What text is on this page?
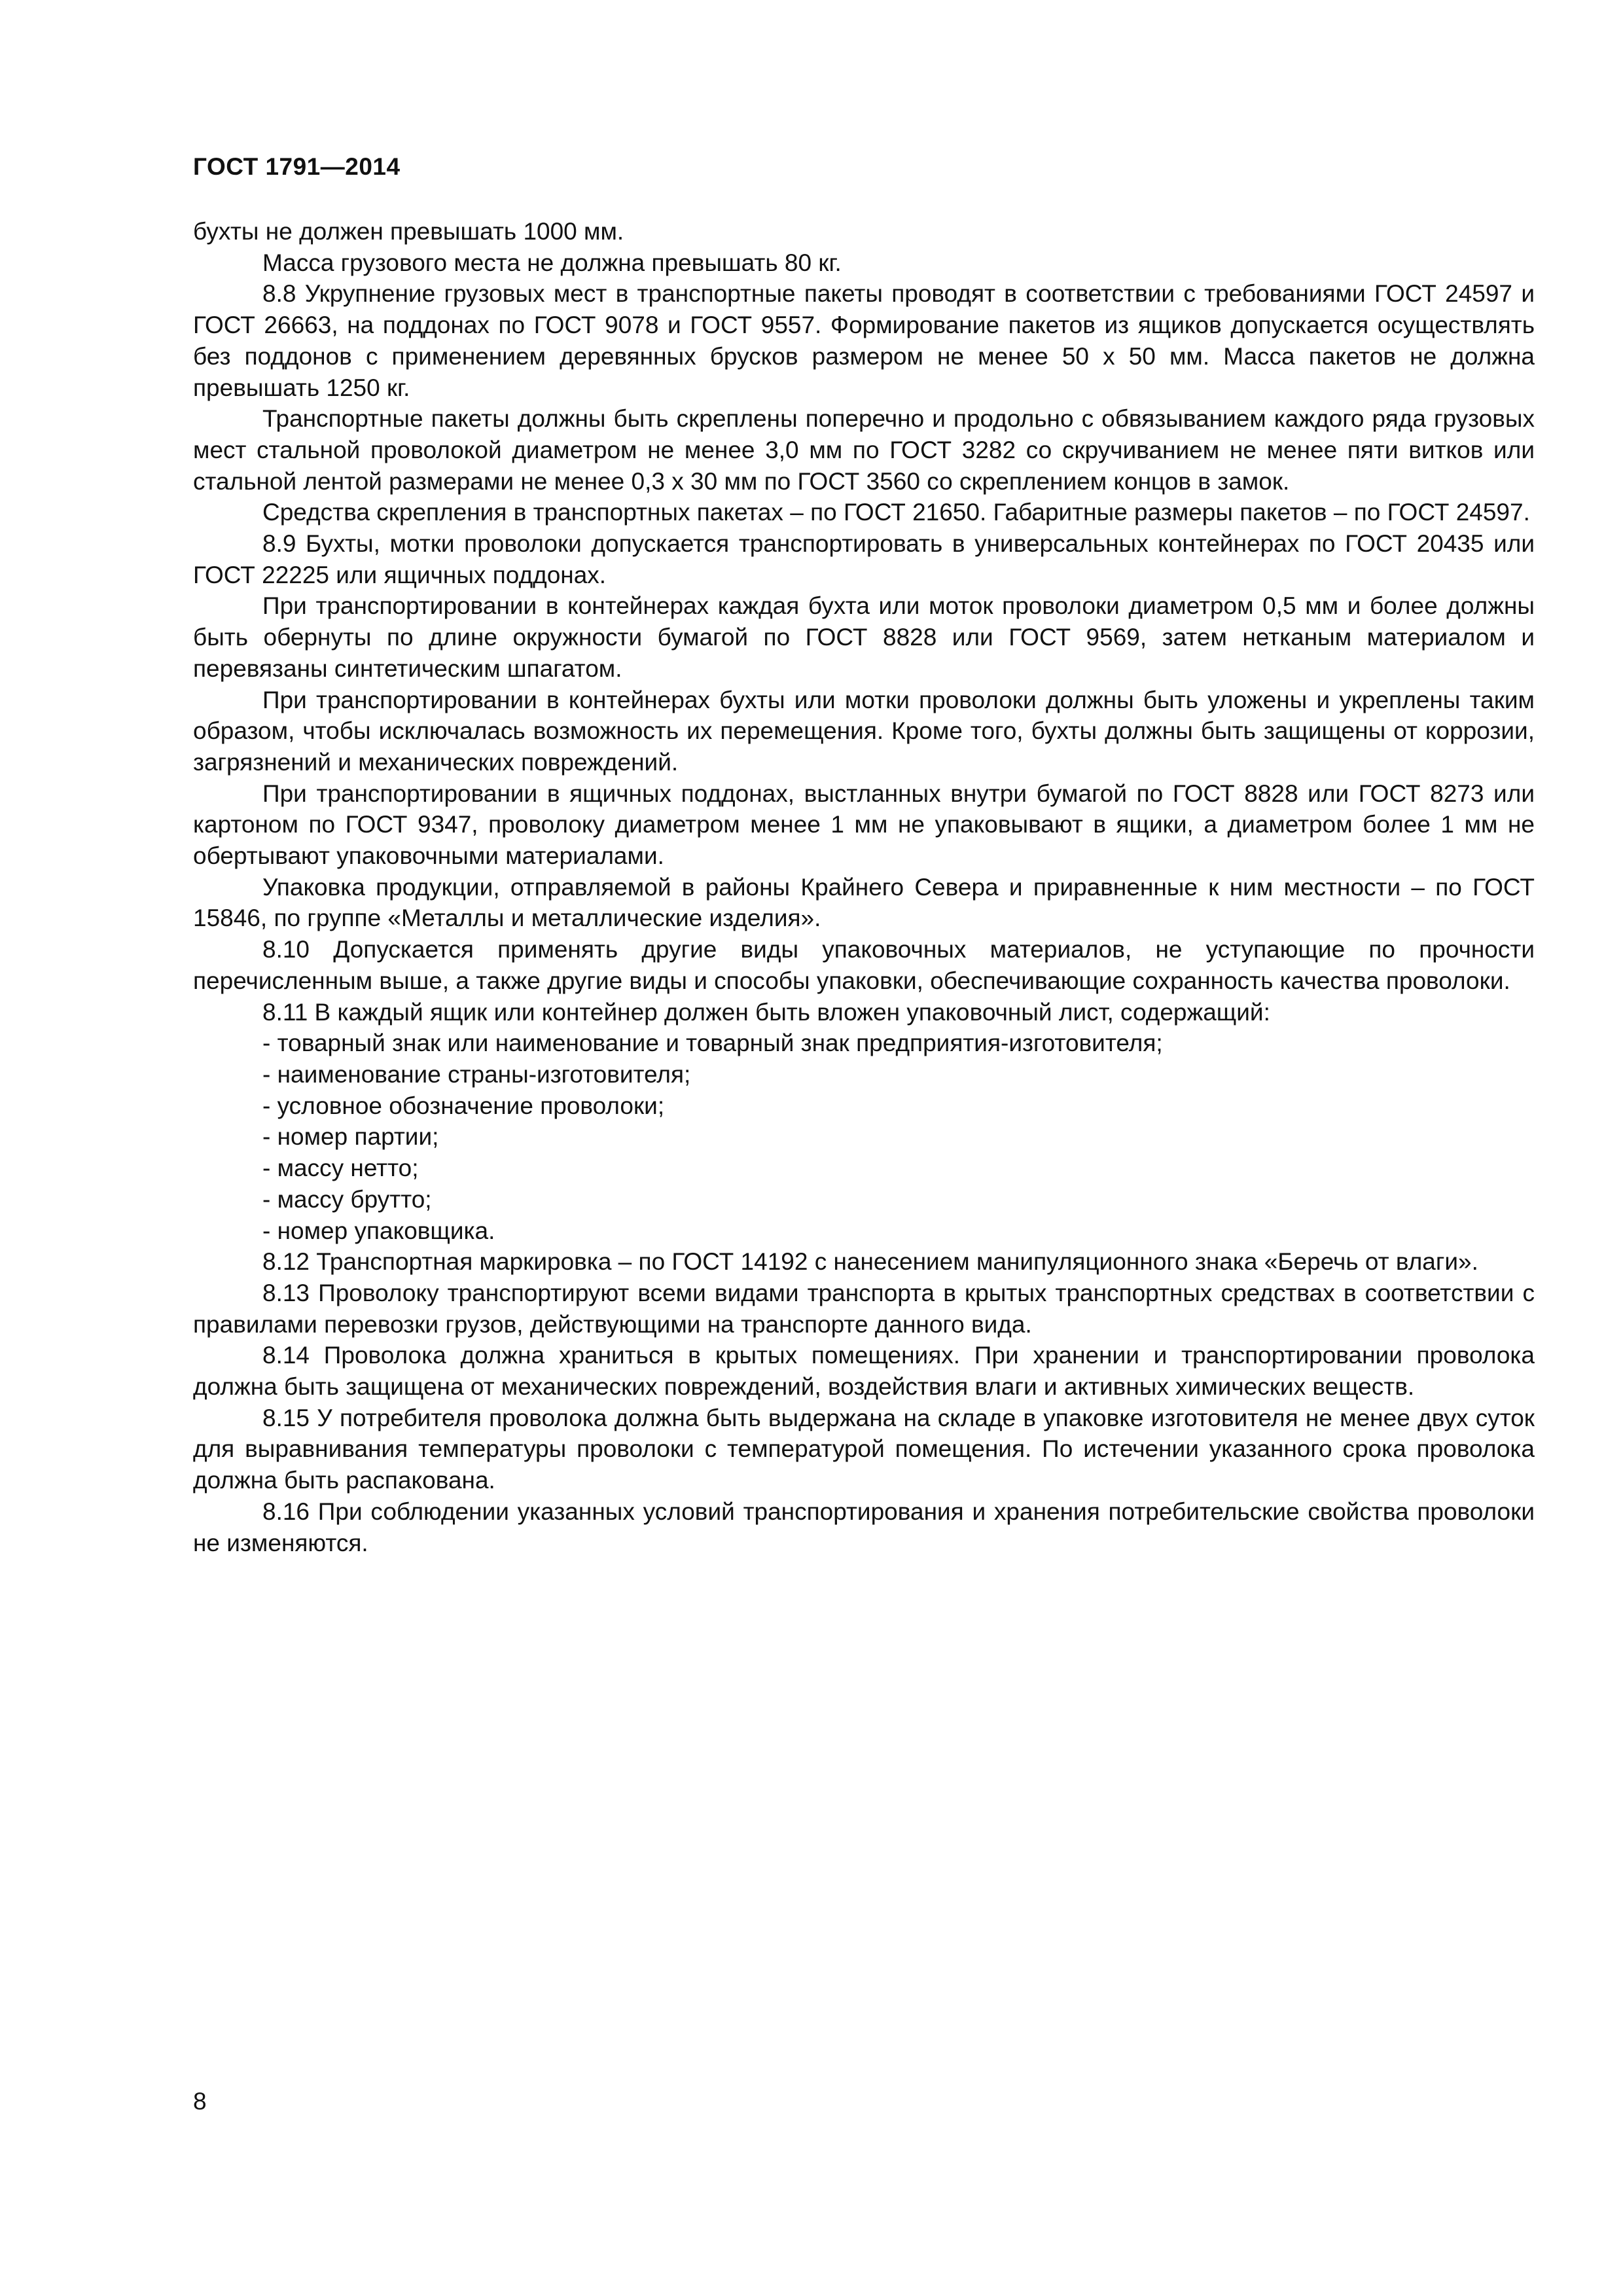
ГОСТ 1791—2014

бухты не должен превышать 1000 мм.

Масса грузового места не должна превышать 80 кг.

8.8 Укрупнение грузовых мест в транспортные пакеты проводят в соответствии с требованиями ГОСТ 24597 и ГОСТ 26663, на поддонах по ГОСТ 9078 и ГОСТ 9557. Формирование пакетов из ящиков допускается осуществлять без поддонов с применением деревянных брусков размером не менее 50 х 50 мм. Масса пакетов не должна превышать 1250 кг.

Транспортные пакеты должны быть скреплены поперечно и продольно с обвязыванием каждого ряда грузовых мест стальной проволокой диаметром не менее 3,0 мм по ГОСТ 3282 со скручиванием не менее пяти витков или стальной лентой размерами не менее 0,3 х 30 мм по ГОСТ 3560 со скреплением концов в замок.

Средства скрепления в транспортных пакетах – по ГОСТ 21650. Габаритные размеры пакетов – по ГОСТ 24597.

8.9 Бухты, мотки проволоки допускается транспортировать в универсальных контейнерах по ГОСТ 20435 или ГОСТ 22225 или ящичных поддонах.

При транспортировании в контейнерах каждая бухта или моток проволоки диаметром 0,5 мм и более должны быть обернуты по длине окружности бумагой по ГОСТ 8828 или ГОСТ 9569, затем нетканым материалом и перевязаны синтетическим шпагатом.

При транспортировании в контейнерах бухты или мотки проволоки должны быть уложены и укреплены таким образом, чтобы исключалась возможность их перемещения. Кроме того, бухты должны быть защищены от коррозии, загрязнений и механических повреждений.

При транспортировании в ящичных поддонах, выстланных внутри бумагой по ГОСТ 8828 или ГОСТ 8273 или картоном по ГОСТ 9347, проволоку диаметром менее 1 мм не упаковывают в ящики, а диаметром более 1 мм не обертывают упаковочными материалами.

Упаковка продукции, отправляемой в районы Крайнего Севера и приравненные к ним местности – по ГОСТ 15846, по группе «Металлы и металлические изделия».

8.10 Допускается применять другие виды упаковочных материалов, не уступающие по прочности перечисленным выше, а также другие виды и способы упаковки, обеспечивающие сохранность качества проволоки.

8.11 В каждый ящик или контейнер должен быть вложен упаковочный лист, содержащий:

- товарный знак или наименование и товарный знак предприятия-изготовителя;

- наименование страны-изготовителя;

- условное обозначение проволоки;

- номер партии;

- массу нетто;

- массу брутто;

- номер упаковщика.

8.12 Транспортная маркировка – по ГОСТ 14192 с нанесением манипуляционного знака «Беречь от влаги».

8.13 Проволоку транспортируют всеми видами транспорта в крытых транспортных средствах в соответствии с правилами перевозки грузов, действующими на транспорте данного вида.

8.14 Проволока должна храниться в крытых помещениях. При хранении и транспортировании проволока должна быть защищена от механических повреждений, воздействия влаги и активных химических веществ.

8.15 У потребителя проволока должна быть выдержана на складе в упаковке изготовителя не менее двух суток для выравнивания температуры проволоки с температурой помещения. По истечении указанного срока проволока должна быть распакована.

8.16 При соблюдении указанных условий транспортирования и хранения потребительские свойства проволоки не изменяются.

8
